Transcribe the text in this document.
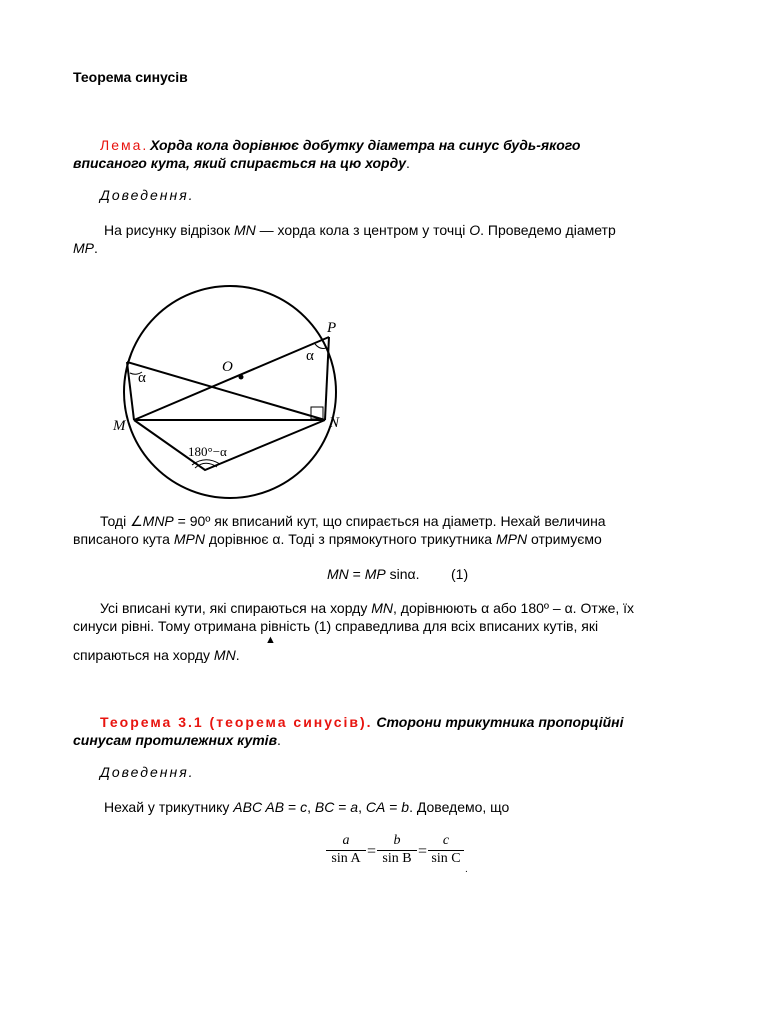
Теорема синусів
Лема. Хорда кола дорівнює добутку діаметра на синус будь-якого
вписаного кута, який спирається на цю хорду.
Доведення.
На рисунку відрізок MN — хорда кола з центром у точці O. Проведемо діаметр
MP.
O
P
M	N
α
α
180°−α
Тоді ∠MNP = 90º як вписаний кут, що спирається на діаметр. Нехай величина
вписаного кута MPN дорівнює α. Тоді з прямокутного трикутника MPN отримуємо
MN = MP sinα. (1)
Усі вписані кути, які спираються на хорду MN, дорівнюють α або 180º – α. Отже, їх
синуси рівні. Тому отримана рівність (1) справедлива для всіх вписаних кутів, які
спираються на хорду MN.
▲
Теорема 3.1 (теорема синусів). Сторони трикутника пропорційні
синусам протилежних кутів.
Доведення.
Нехай у трикутнику ABC AB = c, BC = a, CA = b. Доведемо, що
a
sin A =
b
sin B =
c
sin C
.
